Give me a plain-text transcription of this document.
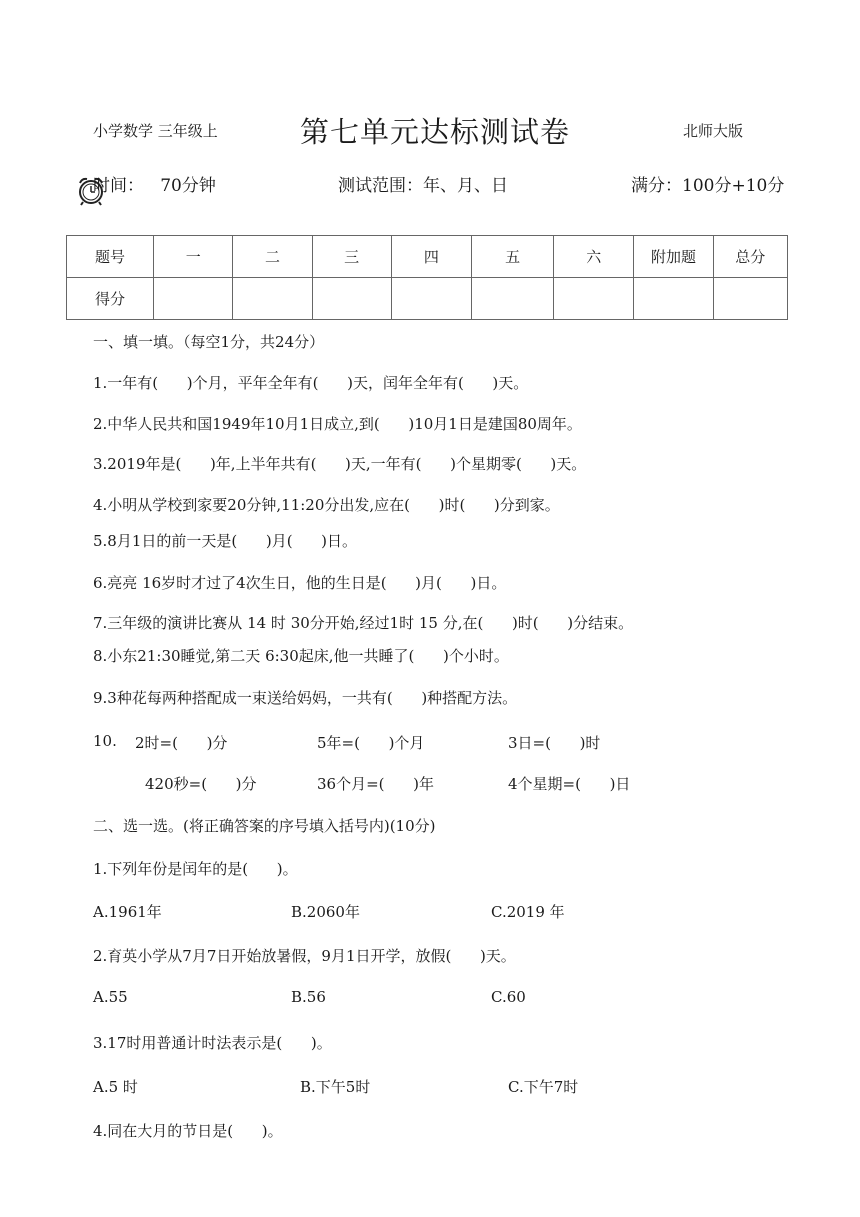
小学数学 三年级上	第七单元达标测试卷	北师大版
时间：   70分钟	测试范围：年、月、日	满分：100分+10分
题号	一	二	三	四	五	六	附加题	总分
得分								
一、填一填。（每空1分，共24分）
1.一年有(      )个月，平年全年有(      )天，闰年全年有(      )天。
2.中华人民共和国1949年10月1日成立,到(      )10月1日是建国80周年。
3.2019年是(      )年,上半年共有(      )天,一年有(      )个星期零(      )天。
4.小明从学校到家要20分钟,11:20分出发,应在(      )时(      )分到家。
5.8月1日的前一天是(      )月(      )日。
6.亮亮 16岁时才过了4次生日，他的生日是(      )月(      )日。
7.三年级的演讲比赛从 14 时 30分开始,经过1时 15 分,在(      )时(      )分结束。
8.小东21:30睡觉,第二天 6:30起床,他一共睡了(      )个小时。
9.3种花每两种搭配成一束送给妈妈，一共有(      )种搭配方法。
10. 2时=(      )分	5年=(      )个月	3日=(      )时
420秒=(      )分	36个月=(      )年	4个星期=(      )日
二、选一选。(将正确答案的序号填入括号内)(10分)
1.下列年份是闰年的是(      )。
A.1961年	B.2060年	C.2019 年
2.育英小学从7月7日开始放暑假，9月1日开学，放假(      )天。
A.55	B.56	C.60
3.17时用普通计时法表示是(      )。
A.5 时	B.下午5时	C.下午7时
4.同在大月的节日是(      )。
